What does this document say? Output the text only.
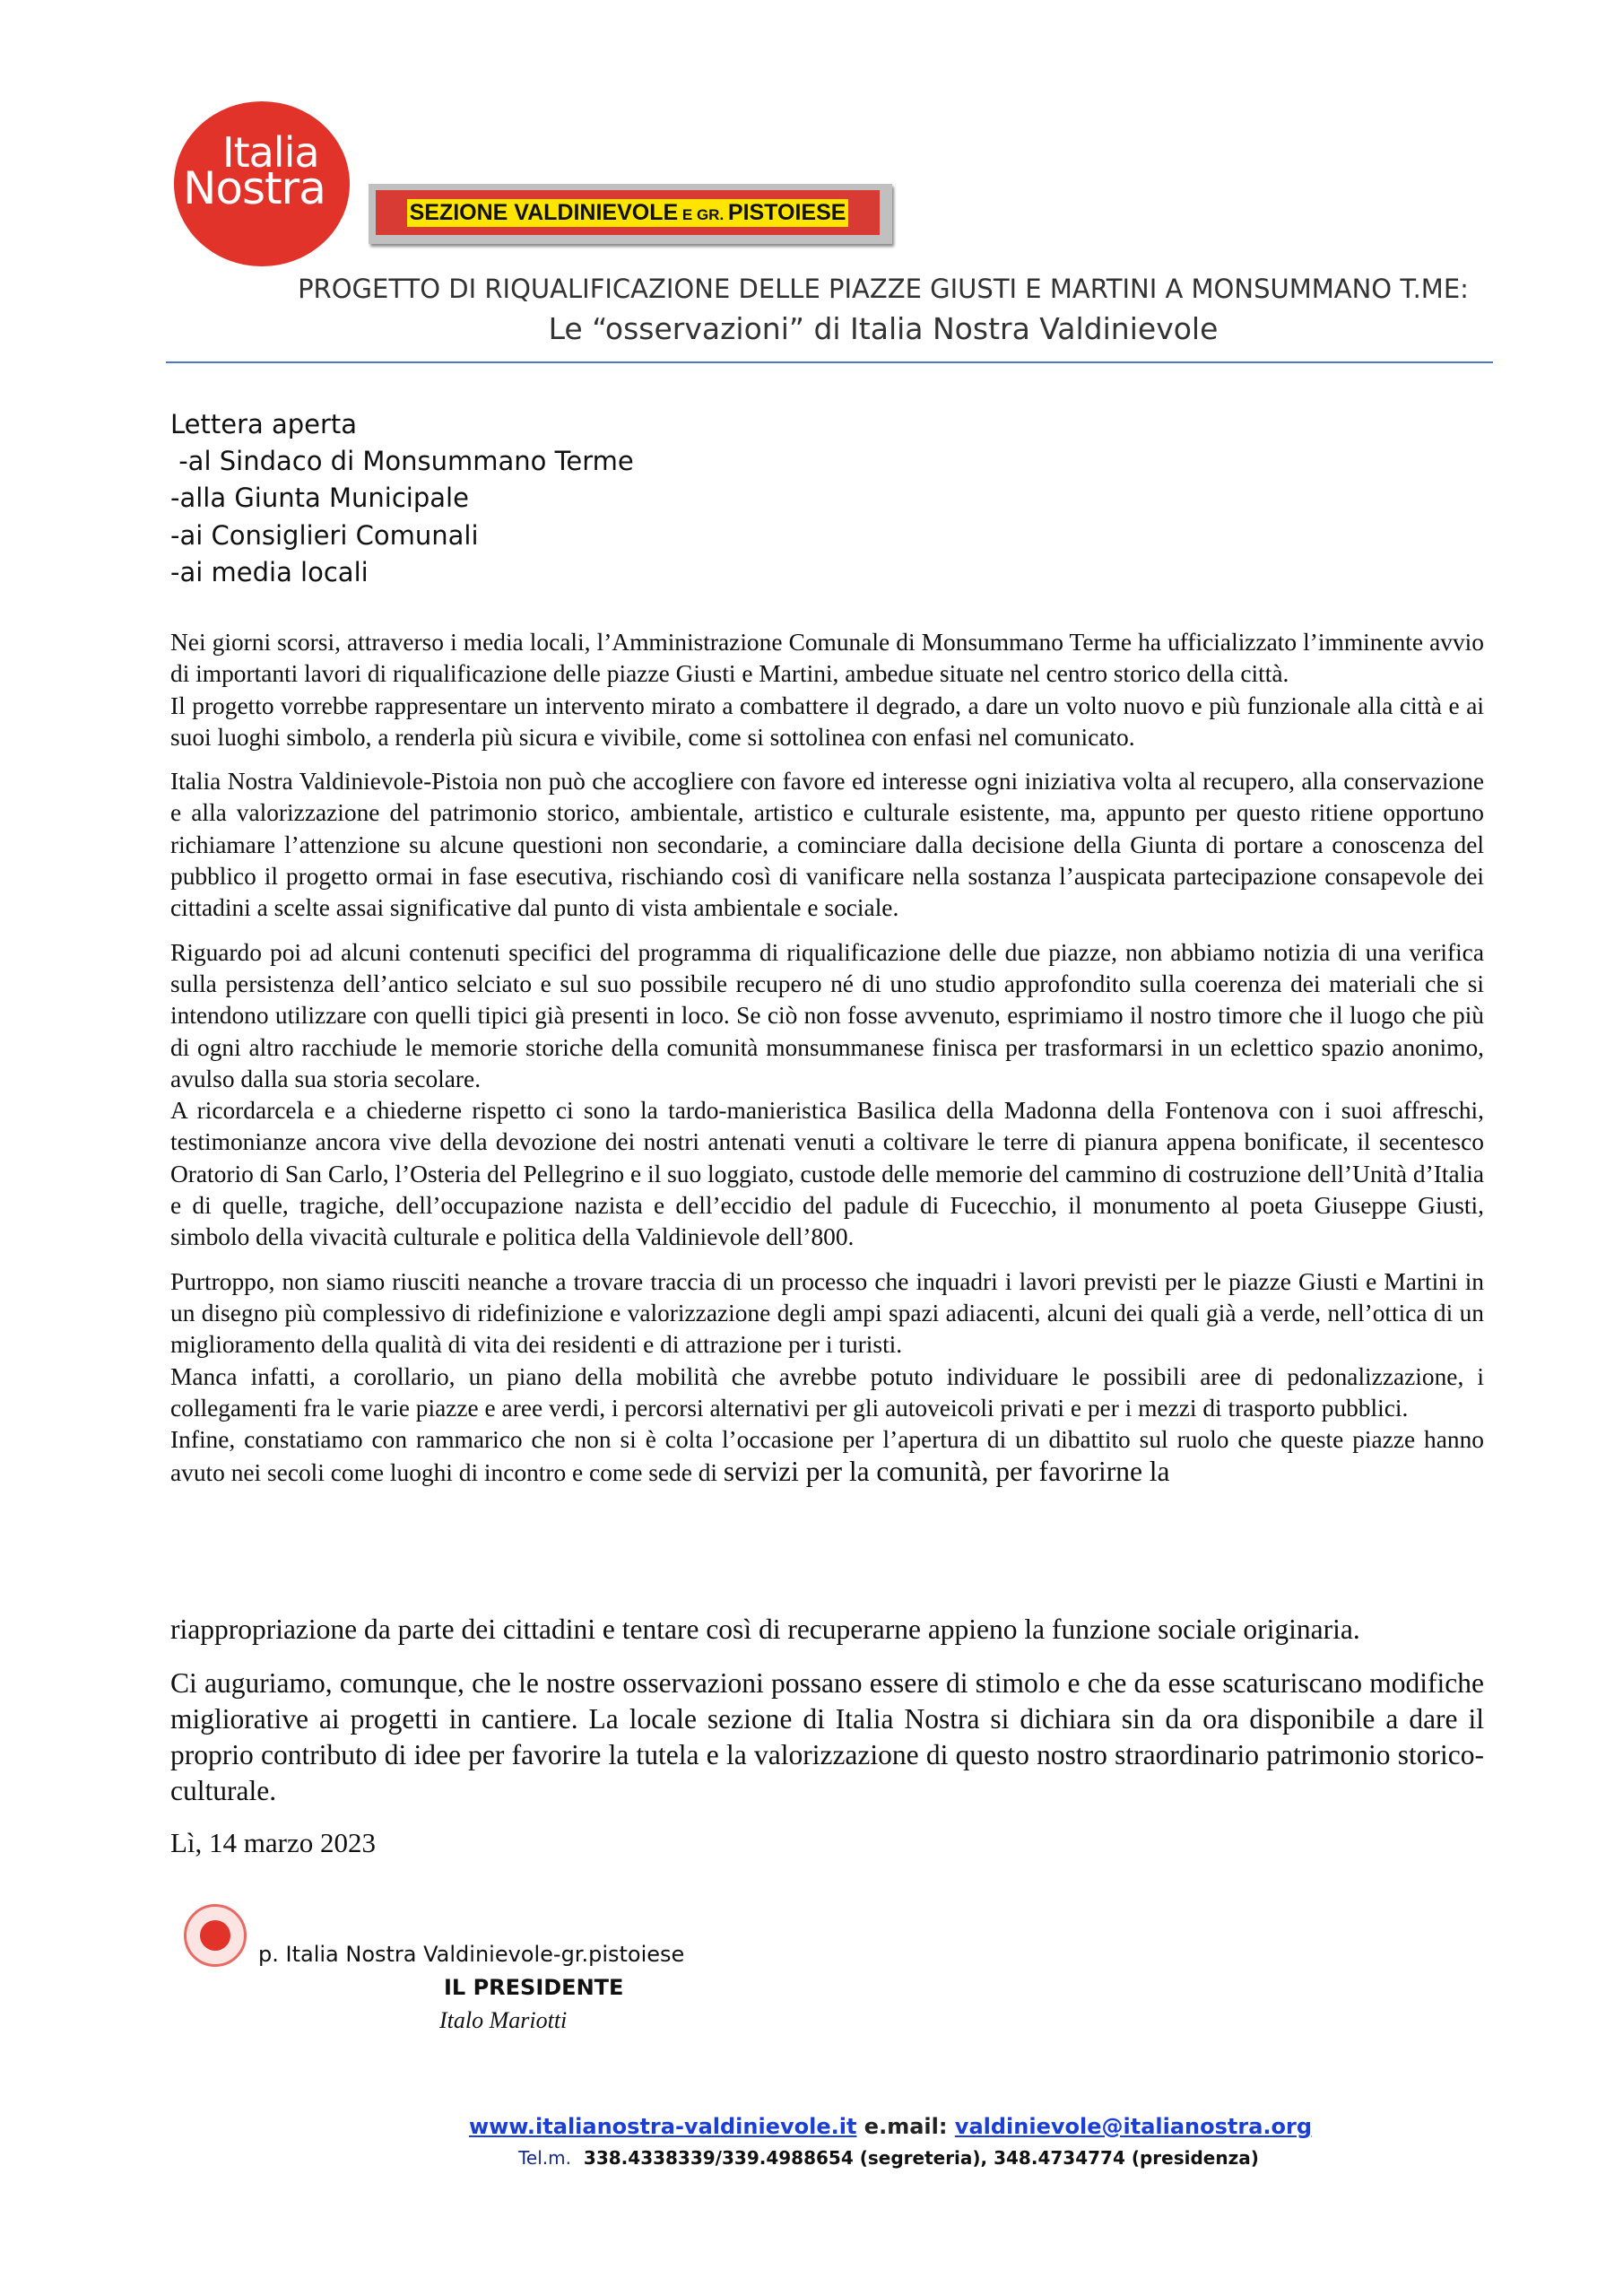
Italia
Nostra	SEZIONE VALDINIEVOLE E GR. PISTOIESE
PROGETTO DI RIQUALIFICAZIONE DELLE PIAZZE GIUSTI E MARTINI A MONSUMMANO T.ME:
Le “osservazioni” di Italia Nostra Valdinievole
Lettera aperta
-al Sindaco di Monsummano Terme
-alla Giunta Municipale
-ai Consiglieri Comunali
-ai media locali

Nei giorni scorsi, attraverso i media locali, l’Amministrazione Comunale di Monsummano Terme ha ufficializzato l’imminente avvio di importanti lavori di riqualificazione delle piazze Giusti e Martini, ambedue situate nel centro storico della città.

Il progetto vorrebbe rappresentare un intervento mirato a combattere il degrado, a dare un volto nuovo e più funzionale alla città e ai suoi luoghi simbolo, a renderla più sicura e vivibile, come si sottolinea con enfasi nel comunicato.

Italia Nostra Valdinievole-Pistoia non può che accogliere con favore ed interesse ogni iniziativa volta al recupero, alla conservazione e alla valorizzazione del patrimonio storico, ambientale, artistico e culturale esistente, ma, appunto per questo ritiene opportuno richiamare l’attenzione su alcune questioni non secondarie, a cominciare dalla decisione della Giunta di portare a conoscenza del pubblico il progetto ormai in fase esecutiva, rischiando così di vanificare nella sostanza l’auspicata partecipazione consapevole dei cittadini a scelte assai significative dal punto di vista ambientale e sociale.

Riguardo poi ad alcuni contenuti specifici del programma di riqualificazione delle due piazze, non abbiamo notizia di una verifica sulla persistenza dell’antico selciato e sul suo possibile recupero né di uno studio approfondito sulla coerenza dei materiali che si intendono utilizzare con quelli tipici già presenti in loco. Se ciò non fosse avvenuto, esprimiamo il nostro timore che il luogo che più di ogni altro racchiude le memorie storiche della comunità monsummanese finisca per trasformarsi in un eclettico spazio anonimo, avulso dalla sua storia secolare.

A ricordarcela e a chiederne rispetto ci sono la tardo-manieristica Basilica della Madonna della Fontenova con i suoi affreschi, testimonianze ancora vive della devozione dei nostri antenati venuti a coltivare le terre di pianura appena bonificate, il secentesco Oratorio di San Carlo, l’Osteria del Pellegrino e il suo loggiato, custode delle memorie del cammino di costruzione dell’Unità d’Italia e di quelle, tragiche, dell’occupazione nazista e dell’eccidio del padule di Fucecchio, il monumento al poeta Giuseppe Giusti, simbolo della vivacità culturale e politica della Valdinievole dell’800.

Purtroppo, non siamo riusciti neanche a trovare traccia di un processo che inquadri i lavori previsti per le piazze Giusti e Martini in un disegno più complessivo di ridefinizione e valorizzazione degli ampi spazi adiacenti, alcuni dei quali già a verde, nell’ottica di un miglioramento della qualità di vita dei residenti e di attrazione per i turisti.

Manca infatti, a corollario, un piano della mobilità che avrebbe potuto individuare le possibili aree di pedonalizzazione, i collegamenti fra le varie piazze e aree verdi, i percorsi alternativi per gli autoveicoli privati e per i mezzi di trasporto pubblici.

Infine, constatiamo con rammarico che non si è colta l’occasione per l’apertura di un dibattito sul ruolo che queste piazze hanno avuto nei secoli come luoghi di incontro e come sede di servizi per la comunità, per favorirne la

riappropriazione da parte dei cittadini e tentare così di recuperarne appieno la funzione sociale originaria.
Ci auguriamo, comunque, che le nostre osservazioni possano essere di stimolo e che da esse scaturiscano modifiche migliorative ai progetti in cantiere. La locale sezione di Italia Nostra si dichiara sin da ora disponibile a dare il proprio contributo di idee per favorire la tutela e la valorizzazione di questo nostro straordinario patrimonio storico-culturale.
Lì, 14 marzo 2023
p. Italia Nostra Valdinievole-gr.pistoiese
IL PRESIDENTE
Italo Mariotti
www.italianostra-valdinievole.it e.mail: valdinievole@italianostra.org
Tel.m.  338.4338339/339.4988654 (segreteria), 348.4734774 (presidenza)
